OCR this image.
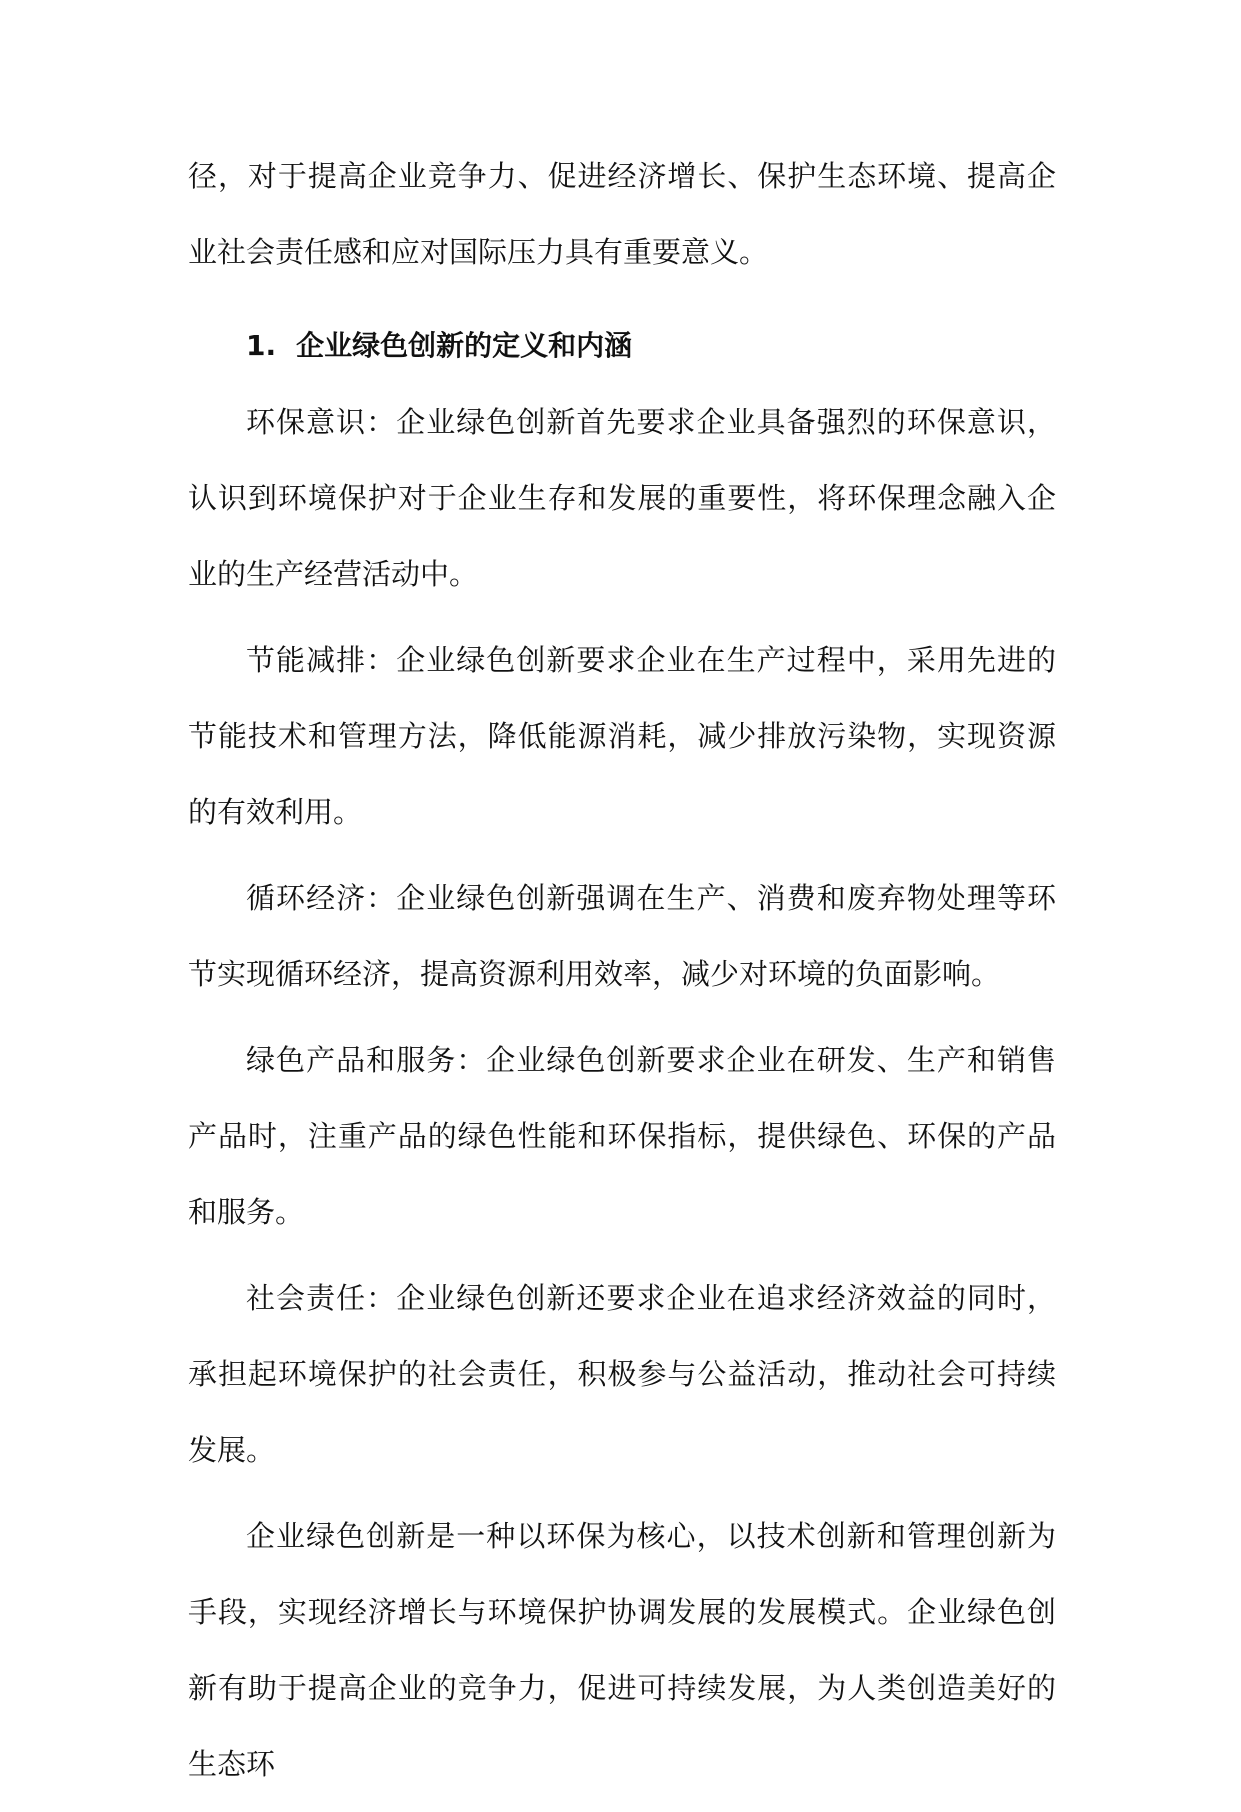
径，对于提高企业竞争力、促进经济增长、保护生态环境、提高企业社会责任感和应对国际压力具有重要意义。

1. 企业绿色创新的定义和内涵

环保意识：企业绿色创新首先要求企业具备强烈的环保意识，认识到环境保护对于企业生存和发展的重要性，将环保理念融入企业的生产经营活动中。

节能减排：企业绿色创新要求企业在生产过程中，采用先进的节能技术和管理方法，降低能源消耗，减少排放污染物，实现资源的有效利用。

循环经济：企业绿色创新强调在生产、消费和废弃物处理等环节实现循环经济，提高资源利用效率，减少对环境的负面影响。

绿色产品和服务：企业绿色创新要求企业在研发、生产和销售产品时，注重产品的绿色性能和环保指标，提供绿色、环保的产品和服务。

社会责任：企业绿色创新还要求企业在追求经济效益的同时，承担起环境保护的社会责任，积极参与公益活动，推动社会可持续发展。

企业绿色创新是一种以环保为核心，以技术创新和管理创新为手段，实现经济增长与环境保护协调发展的发展模式。企业绿色创新有助于提高企业的竞争力，促进可持续发展，为人类创造美好的生态环
